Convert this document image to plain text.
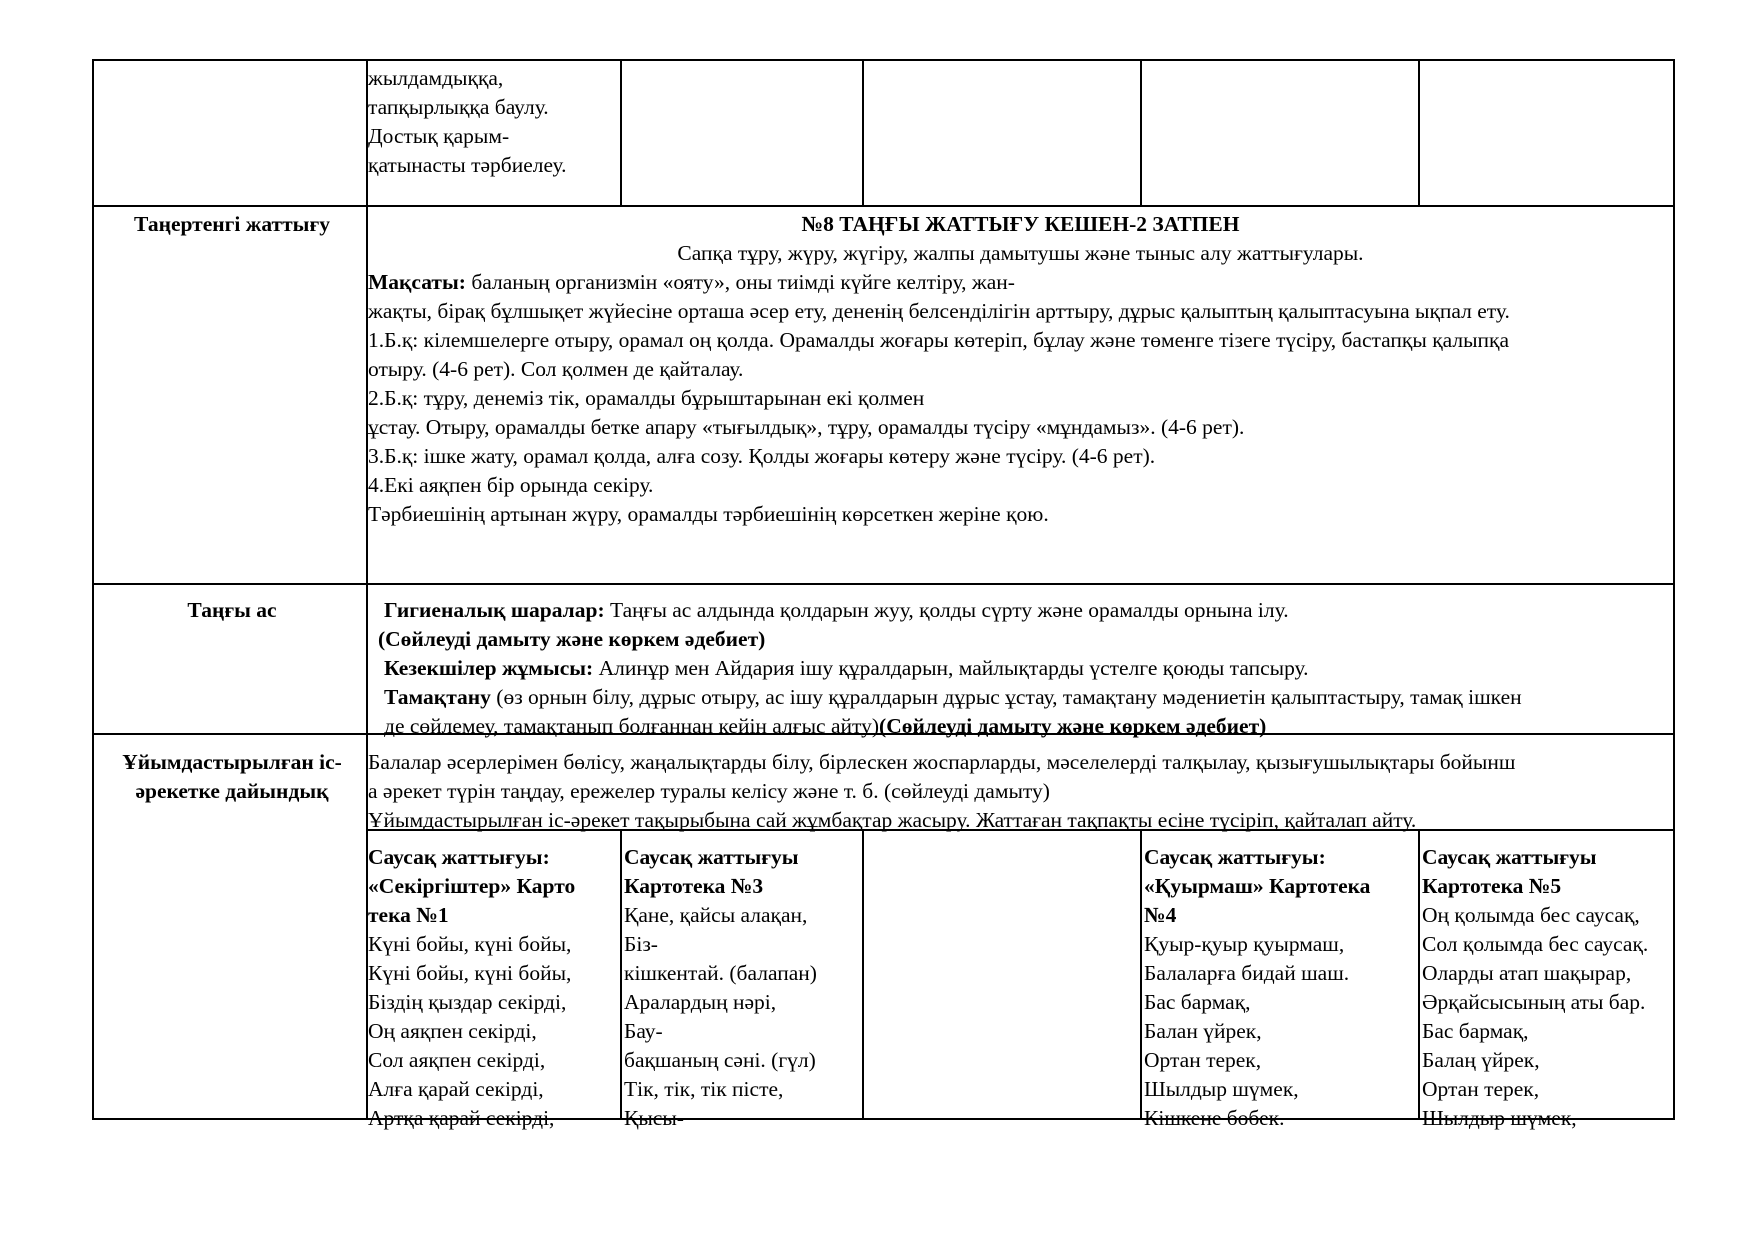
жылдамдыққа,
тапқырлыққа баулу.
Достық қарым-
қатынасты тәрбиелеу.
Таңертенгі жаттығу	№8 ТАҢҒЫ ЖАТТЫҒУ КЕШЕН-2 ЗАТПЕН
Сапқа тұру, жүру, жүгіру, жалпы дамытушы және тыныс алу жаттығулары.
Мақсаты: баланың организмін «ояту», оны тиімді күйге келтіру, жан-
жақты, бірақ бұлшықет жүйесіне орташа әсер ету, дененің белсенділігін арттыру, дұрыс қалыптың қалыптасуына ықпал ету.
1.Б.қ: кілемшелерге отыру, орамал оң қолда. Орамалды жоғары көтеріп, бұлау және төменге тізеге түсіру, бастапқы қалыпқа
отыру. (4-6 рет). Сол қолмен де қайталау.
2.Б.қ: тұру, денеміз тік, орамалды бұрыштарынан екі қолмен
ұстау. Отыру, орамалды бетке апару «тығылдық», тұру, орамалды түсіру «мұндамыз». (4-6 рет).
3.Б.қ: ішке жату, орамал қолда, алға созу. Қолды жоғары көтеру және түсіру. (4-6 рет).
4.Екі аяқпен бір орында секіру.
Тәрбиешінің артынан жүру, орамалды тәрбиешінің көрсеткен жеріне қою.
Таңғы ас	Гигиеналық шаралар: Таңғы ас алдында қолдарын жуу, қолды сүрту және орамалды орнына ілу.
(Сөйлеуді дамыту және көркем әдебиет)
Кезекшілер жұмысы: Алинұр мен Айдария ішу құралдарын, майлықтарды үстелге қоюды тапсыру.
Тамақтану (өз орнын білу, дұрыс отыру, ас ішу құралдарын дұрыс ұстау, тамақтану мәдениетін қалыптастыру, тамақ ішкен
де сөйлемеу, тамақтанып болғаннан кейін алғыс айту)(Сөйлеуді дамыту және көркем әдебиет)
Ұйымдастырылған іс-әрекетке дайындық
Балалар әсерлерімен бөлісу, жаңалықтарды білу, бірлескен жоспарларды, мәселелерді талқылау, қызығушылықтары бойынш
а әрекет түрін таңдау, ережелер туралы келісу және т. б. (сөйлеуді дамыту)
Ұйымдастырылған іс-әрекет тақырыбына сай жұмбақтар жасыру. Жаттаған тақпақты есіне түсіріп, қайталап айту.
Саусақ жаттығуы:
«Секіргіштер» Карто
тека №1
Күні бойы, күні бойы,
Күні бойы, күні бойы,
Біздің қыздар секірді,
Оң аяқпен секірді,
Сол аяқпен секірді,
Алға қарай секірді,
Артқа қарай секірді,
Саусақ жаттығуы
Картотека №3
Қане, қайсы алақан,
Біз-
кішкентай. (балапан)
Аралардың нәрі,
Бау-
бақшаның сәні. (гүл)
Тік, тік, тік пісте,
Қысы-
Саусақ жаттығуы:
«Қуырмаш» Картотека
№4
Қуыр-қуыр қуырмаш,
Балаларға бидай шаш.
Бас бармақ,
Балан үйрек,
Ортан терек,
Шылдыр шүмек,
Кішкене бөбек.
Саусақ жаттығуы
Картотека №5
Оң қолымда бес саусақ,
Сол қолымда бес саусақ.
Оларды атап шақырар,
Әрқайсысының аты бар.
Бас бармақ,
Балаң үйрек,
Ортан терек,
Шылдыр шүмек,
